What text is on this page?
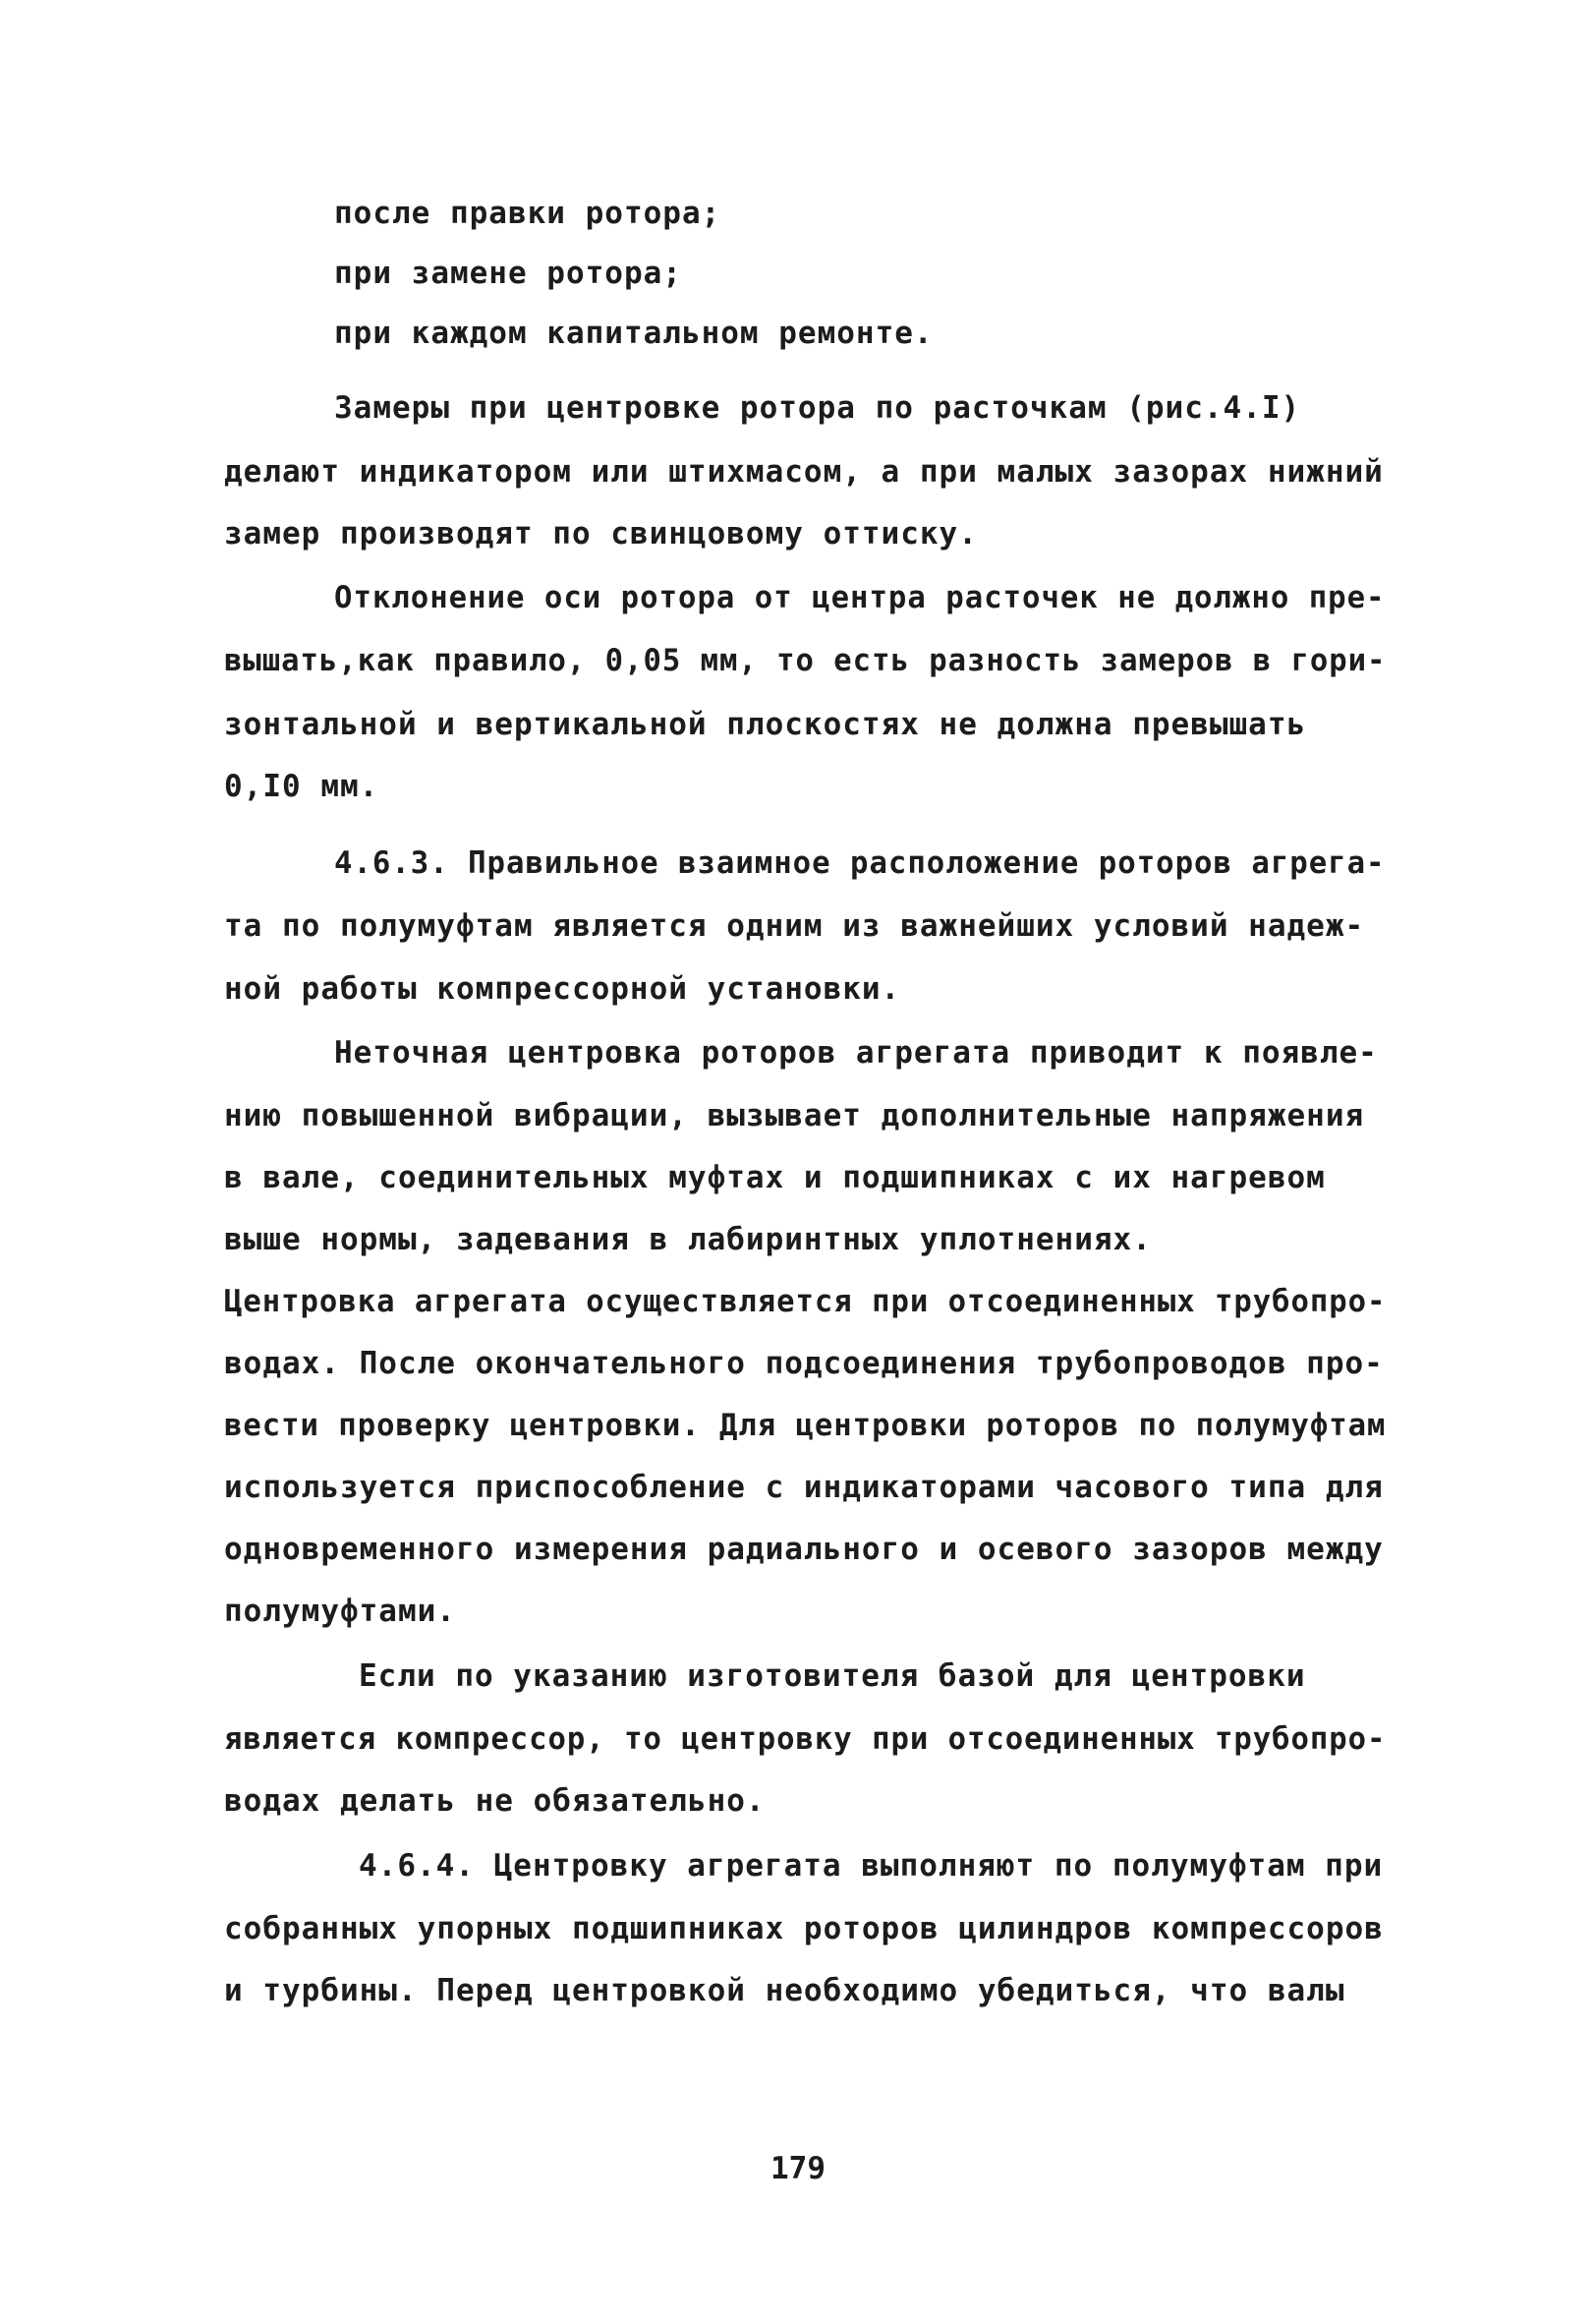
после правки ротора;
при замене ротора;
при каждом капитальном ремонте.
Замеры при центровке ротора по расточкам (рис.4.I)
делают индикатором или штихмасом, а при малых зазорах нижний
замер производят по свинцовому оттиску.
Отклонение оси ротора от центра расточек не должно пре-
вышать,как правило, 0,05 мм, то есть разность замеров в гори-
зонтальной и вертикальной плоскостях не должна превышать
0,I0 мм.
4.6.3. Правильное взаимное расположение роторов агрега-
та по полумуфтам является одним из важнейших условий надеж-
ной работы компрессорной установки.
Неточная центровка роторов агрегата приводит к появле-
нию повышенной вибрации, вызывает дополнительные напряжения
в вале, соединительных муфтах и подшипниках с их нагревом
выше нормы, задевания в лабиринтных уплотнениях.
Центровка агрегата осуществляется при отсоединенных трубопро-
водах. После окончательного подсоединения трубопроводов про-
вести проверку центровки. Для центровки роторов по полумуфтам
используется приспособление с индикаторами часового типа для
одновременного измерения радиального и осевого зазоров между
полумуфтами.
Если по указанию изготовителя базой для центровки
является компрессор, то центровку при отсоединенных трубопро-
водах делать не обязательно.
4.6.4. Центровку агрегата выполняют по полумуфтам при
собранных упорных подшипниках роторов цилиндров компрессоров
и турбины. Перед центровкой необходимо убедиться, что валы
179
